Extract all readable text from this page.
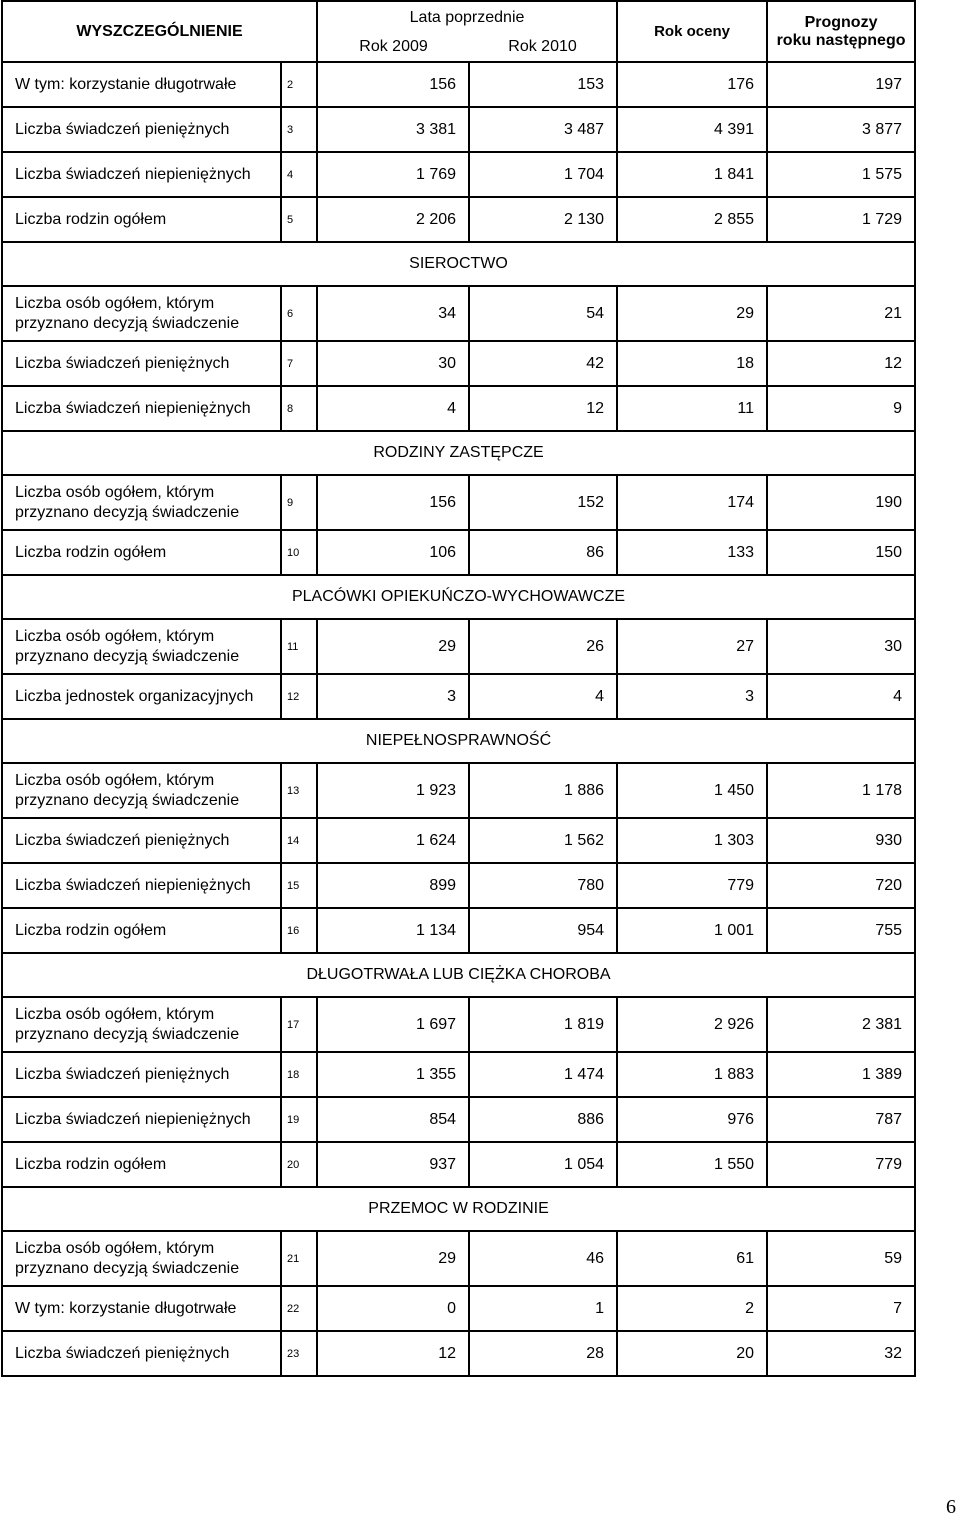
WYSZCZEGÓLNIENIE		Lata poprzednie		Rok oceny	Prognozy
roku następnego
		Rok 2009	Rok 2010		
W tym: korzystanie długotrwałe	2	156	153	176	197
Liczba świadczeń pieniężnych	3	3 381	3 487	4 391	3 877
Liczba świadczeń niepieniężnych	4	1 769	1 704	1 841	1 575
Liczba rodzin ogółem	5	2 206	2 130	2 855	1 729
SIEROCTWO					
Liczba osób ogółem, którym
przyznano decyzją świadczenie	6	34	54	29	21
Liczba świadczeń pieniężnych	7	30	42	18	12
Liczba świadczeń niepieniężnych	8	4	12	11	9
RODZINY ZASTĘPCZE					
Liczba osób ogółem, którym
przyznano decyzją świadczenie	9	156	152	174	190
Liczba rodzin ogółem	10	106	86	133	150
PLACÓWKI OPIEKUŃCZO-WYCHOWAWCZE					
Liczba osób ogółem, którym
przyznano decyzją świadczenie	11	29	26	27	30
Liczba jednostek organizacyjnych	12	3	4	3	4
NIEPEŁNOSPRAWNOŚĆ					
Liczba osób ogółem, którym
przyznano decyzją świadczenie	13	1 923	1 886	1 450	1 178
Liczba świadczeń pieniężnych	14	1 624	1 562	1 303	930
Liczba świadczeń niepieniężnych	15	899	780	779	720
Liczba rodzin ogółem	16	1 134	954	1 001	755
DŁUGOTRWAŁA LUB CIĘŻKA CHOROBA					
Liczba osób ogółem, którym
przyznano decyzją świadczenie	17	1 697	1 819	2 926	2 381
Liczba świadczeń pieniężnych	18	1 355	1 474	1 883	1 389
Liczba świadczeń niepieniężnych	19	854	886	976	787
Liczba rodzin ogółem	20	937	1 054	1 550	779
PRZEMOC W RODZINIE					
Liczba osób ogółem, którym
przyznano decyzją świadczenie	21	29	46	61	59
W tym: korzystanie długotrwałe	22	0	1	2	7
Liczba świadczeń pieniężnych	23	12	28	20	32
6
